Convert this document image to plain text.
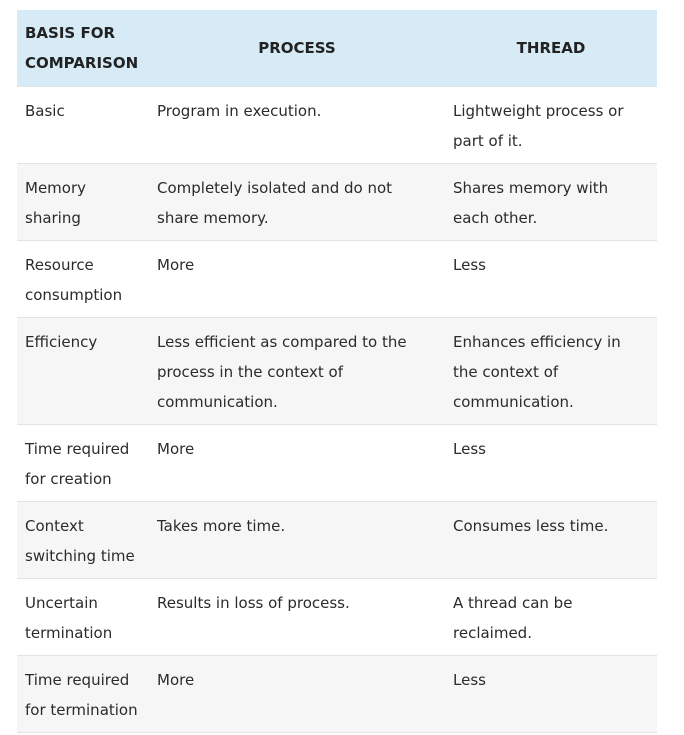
BASIS FOR COMPARISON	PROCESS	THREAD
Basic	Program in execution.	Lightweight process or part of it.
Memory sharing	Completely isolated and do not share memory.	Shares memory with each other.
Resource consumption	More	Less
Efficiency	Less efficient as compared to the process in the context of communication.	Enhances efficiency in the context of communication.
Time required for creation	More	Less
Context switching time	Takes more time.	Consumes less time.
Uncertain termination	Results in loss of process.	A thread can be reclaimed.
Time required for termination	More	Less
